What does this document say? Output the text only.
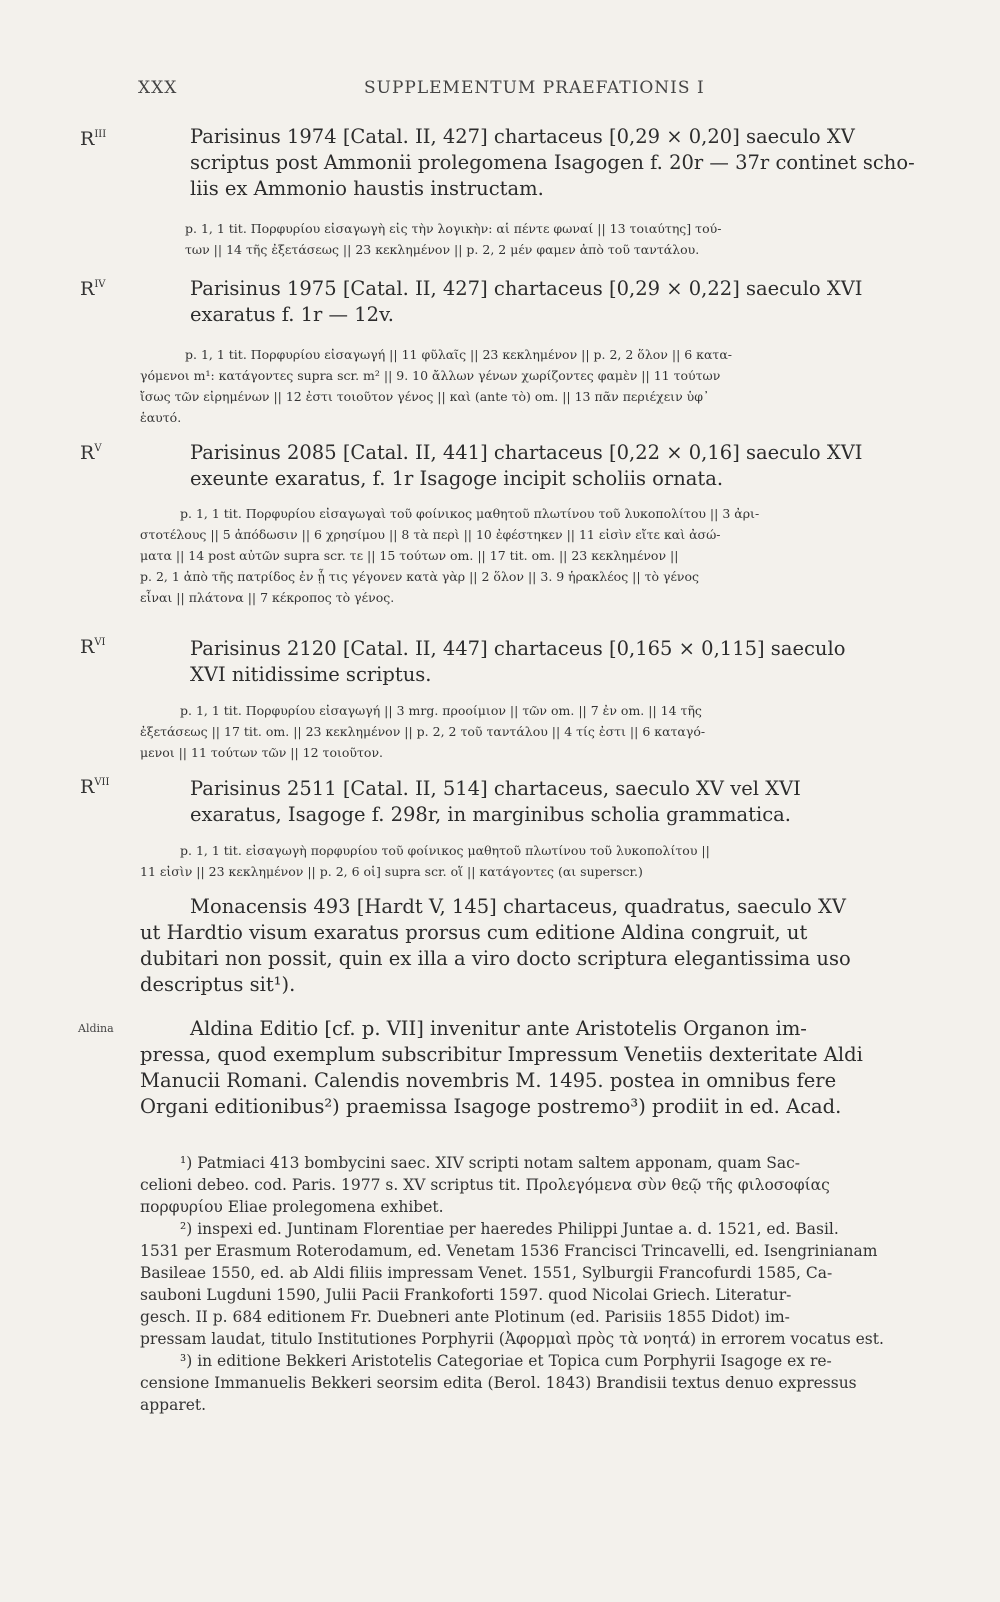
XXX	SUPPLEMENTUM PRAEFATIONIS I
$R^{III}$	Parisinus 1974 [Catal. II, 427] chartaceus [0,29 × 0,20] saeculo XV
scriptus post Ammonii prolegomena Isagogen f. 20r — 37r continet scho-
liis ex Ammonio haustis instructam.

p. 1, 1 tit. Πορφυρίου εἰσαγωγὴ εἰς τὴν λογικὴν: αἱ πέντε φωναί || 13 τοιαύτης] τού-

των || 14 τῆς ἐξετάσεως || 23 κεκλημένον || p. 2, 2 μέν φαμεν ἀπὸ τοῦ ταντάλου.

$R^{IV}$	Parisinus 1975 [Catal. II, 427] chartaceus [0,29 × 0,22] saeculo XVI
exaratus f. 1r — 12v.

p. 1, 1 tit. Πορφυρίου εἰσαγωγή || 11 φῦλαῖς || 23 κεκλημένον || p. 2, 2 ὅλον || 6 κατα-

γόμενοι m¹: κατάγοντες supra scr. m² || 9. 10 ἄλλων γένων χωρίζοντες φαμὲν || 11 τούτων

ἴσως τῶν εἰρημένων || 12 ἐστι τοιοῦτον γένος || καὶ (ante τὸ) om. || 13 πᾶν περιέχειν ὑφ᾽

ἑαυτό.

$R^V$	Parisinus 2085 [Catal. II, 441] chartaceus [0,22 × 0,16] saeculo XVI
exeunte exaratus, f. 1r Isagoge incipit scholiis ornata.

p. 1, 1 tit. Πορφυρίου εἰσαγωγαὶ τοῦ φοίνικος μαθητοῦ πλωτίνου τοῦ λυκοπολίτου || 3 ἀρι-

στοτέλους || 5 ἀπόδωσιν || 6 χρησίμου || 8 τὰ περὶ || 10 ἐφέστηκεν || 11 εἰσὶν εἴτε καὶ ἀσώ-

ματα || 14 post αὐτῶν supra scr. τε || 15 τούτων om. || 17 tit. om. || 23 κεκλημένον ||

p. 2, 1 ἀπὸ τῆς πατρίδος ἐν ᾗ τις γέγονεν κατὰ γὰρ || 2 ὅλον || 3. 9 ἡρακλέος || τὸ γένος

εἶναι || πλάτονα || 7 κέκροπος τὸ γένος.

$R^{VI}$	Parisinus 2120 [Catal. II, 447] chartaceus [0,165 × 0,115] saeculo
XVI nitidissime scriptus.

p. 1, 1 tit. Πορφυρίου εἰσαγωγή || 3 mrg. προοίμιον || τῶν om. || 7 ἐν om. || 14 τῆς

ἐξετάσεως || 17 tit. om. || 23 κεκλημένον || p. 2, 2 τοῦ ταντάλου || 4 τίς ἐστι || 6 καταγό-

μενοι || 11 τούτων τῶν || 12 τοιοῦτον.

$R^{VII}$	Parisinus 2511 [Catal. II, 514] chartaceus, saeculo XV vel XVI
exaratus, Isagoge f. 298r, in marginibus scholia grammatica.

p. 1, 1 tit. εἰσαγωγὴ πορφυρίου τοῦ φοίνικος μαθητοῦ πλωτίνου τοῦ λυκοπολίτου ||

11 εἰσὶν || 23 κεκλημένον || p. 2, 6 οἱ] supra scr. οἵ || κατάγοντες (αι superscr.)

Monacensis 493 [Hardt V, 145] chartaceus, quadratus, saeculo XV
ut Hardtio visum exaratus prorsus cum editione Aldina congruit, ut
dubitari non possit, quin ex illa a viro docto scriptura elegantissima uso
descriptus sit¹).
Aldina	Aldina Editio [cf. p. VII] invenitur ante Aristotelis Organon im-
pressa, quod exemplum subscribitur Impressum Venetiis dexteritate Aldi
Manucii Romani. Calendis novembris M. 1495. postea in omnibus fere
Organi editionibus²) praemissa Isagoge postremo³) prodiit in ed. Acad.
¹) Patmiaci 413 bombycini saec. XIV scripti notam saltem apponam, quam Sac-
celioni debeo. cod. Paris. 1977 s. XV scriptus tit. Προλεγόμενα σὺν θεῷ τῆς φιλοσοφίας
πορφυρίου Eliae prolegomena exhibet.
²) inspexi ed. Juntinam Florentiae per haeredes Philippi Juntae a. d. 1521, ed. Basil.
1531 per Erasmum Roterodamum, ed. Venetam 1536 Francisci Trincavelli, ed. Isengrinianam
Basileae 1550, ed. ab Aldi filiis impressam Venet. 1551, Sylburgii Francofurdi 1585, Ca-
sauboni Lugduni 1590, Julii Pacii Frankoforti 1597. quod Nicolai Griech. Literatur-
gesch. II p. 684 editionem Fr. Duebneri ante Plotinum (ed. Parisiis 1855 Didot) im-
pressam laudat, titulo Institutiones Porphyrii (Ἀφορμαὶ πρὸς τὰ νοητά) in errorem vocatus est.
³) in editione Bekkeri Aristotelis Categoriae et Topica cum Porphyrii Isagoge ex re-
censione Immanuelis Bekkeri seorsim edita (Berol. 1843) Brandisii textus denuo expressus
apparet.
